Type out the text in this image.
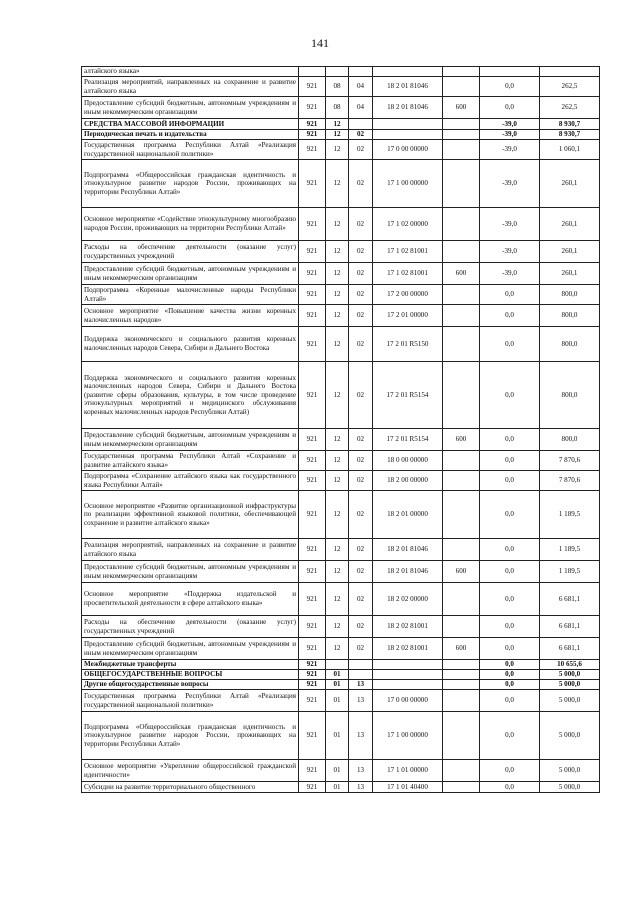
141
алтайского языка»							
Реализация мероприятий, направленных на сохранение и развитие алтайского языка	921	08	04	18 2 01 81046		0,0	262,5
Предоставление субсидий бюджетным, автономным учреждениям и иным некоммерческим организациям	921	08	04	18 2 01 81046	600	0,0	262,5
СРЕДСТВА МАССОВОЙ ИНФОРМАЦИИ	921	12				-39,0	8 930,7
Периодическая печать и издательства	921	12	02			-39,0	8 930,7
Государственная программа Республики Алтай «Реализация государственной национальной политики»	921	12	02	17 0 00 00000		-39,0	1 060,1
Подпрограмма «Общероссийская гражданская идентичность и этнокультурное развитие народов России, проживающих на территории Республики Алтай»	921	12	02	17 1 00 00000		-39,0	260,1
Основное мероприятие «Содействие этнокультурному многообразию народов России, проживающих на территории Республики Алтай»	921	12	02	17 1 02 00000		-39,0	260,1
Расходы на обеспечение деятельности (оказание услуг) государственных учреждений	921	12	02	17 1 02 81001		-39,0	260,1
Предоставление субсидий бюджетным, автономным учреждениям и иным некоммерческим организациям	921	12	02	17 1 02 81001	600	-39,0	260,1
Подпрограмма «Коренные малочисленные народы Республики Алтай»	921	12	02	17 2 00 00000		0,0	800,0
Основное мероприятие «Повышение качества жизни коренных малочисленных народов»	921	12	02	17 2 01 00000		0,0	800,0
Поддержка экономического и социального развития коренных малочисленных народов Севера, Сибири и Дальнего Востока	921	12	02	17 2 01 R5150		0,0	800,0
Поддержка экономического и социального развития коренных малочисленных народов Севера, Сибири и Дальнего Востока (развитие сферы образования, культуры, в том числе проведение этнокультурных мероприятий и медицинского обслуживания коренных малочисленных народов Республики Алтай)	921	12	02	17 2 01 R5154		0,0	800,0
Предоставление субсидий бюджетным, автономным учреждениям и иным некоммерческим организациям	921	12	02	17 2 01 R5154	600	0,0	800,0
Государственная программа Республики Алтай «Сохранение и развитие алтайского языка»	921	12	02	18 0 00 00000		0,0	7 870,6
Подпрограмма «Сохранение алтайского языка как государственного языка Республики Алтай»	921	12	02	18 2 00 00000		0,0	7 870,6
Основное мероприятие «Развитие организационной инфраструктуры по реализации эффективной языковой политики, обеспечивающей сохранение и развитие алтайского языка»	921	12	02	18 2 01 00000		0,0	1 189,5
Реализация мероприятий, направленных на сохранение и развитие алтайского языка	921	12	02	18 2 01 81046		0,0	1 189,5
Предоставление субсидий бюджетным, автономным учреждениям и иным некоммерческим организациям	921	12	02	18 2 01 81046	600	0,0	1 189,5
Основное мероприятие «Поддержка издательской и просветительской деятельности в сфере алтайского языка»	921	12	02	18 2 02 00000		0,0	6 681,1
Расходы на обеспечение деятельности (оказание услуг) государственных учреждений	921	12	02	18 2 02 81001		0,0	6 681,1
Предоставление субсидий бюджетным, автономным учреждениям и иным некоммерческим организациям	921	12	02	18 2 02 81001	600	0,0	6 681,1
Межбюджетные трансферты	921					0,0	10 655,6
ОБЩЕГОСУДАРСТВЕННЫЕ ВОПРОСЫ	921	01				0,0	5 000,0
Другие общегосударственные вопросы	921	01	13			0,0	5 000,0
Государственная программа Республики Алтай «Реализация государственной национальной политики»	921	01	13	17 0 00 00000		0,0	5 000,0
Подпрограмма «Общероссийская гражданская идентичность и этнокультурное развитие народов России, проживающих на территории Республики Алтай»	921	01	13	17 1 00 00000		0,0	5 000,0
Основное мероприятие «Укрепление общероссийской гражданской идентичности»	921	01	13	17 1 01 00000		0,0	5 000,0
Субсидии на развитие территориального общественного	921	01	13	17 1 01 40400		0,0	5 000,0
